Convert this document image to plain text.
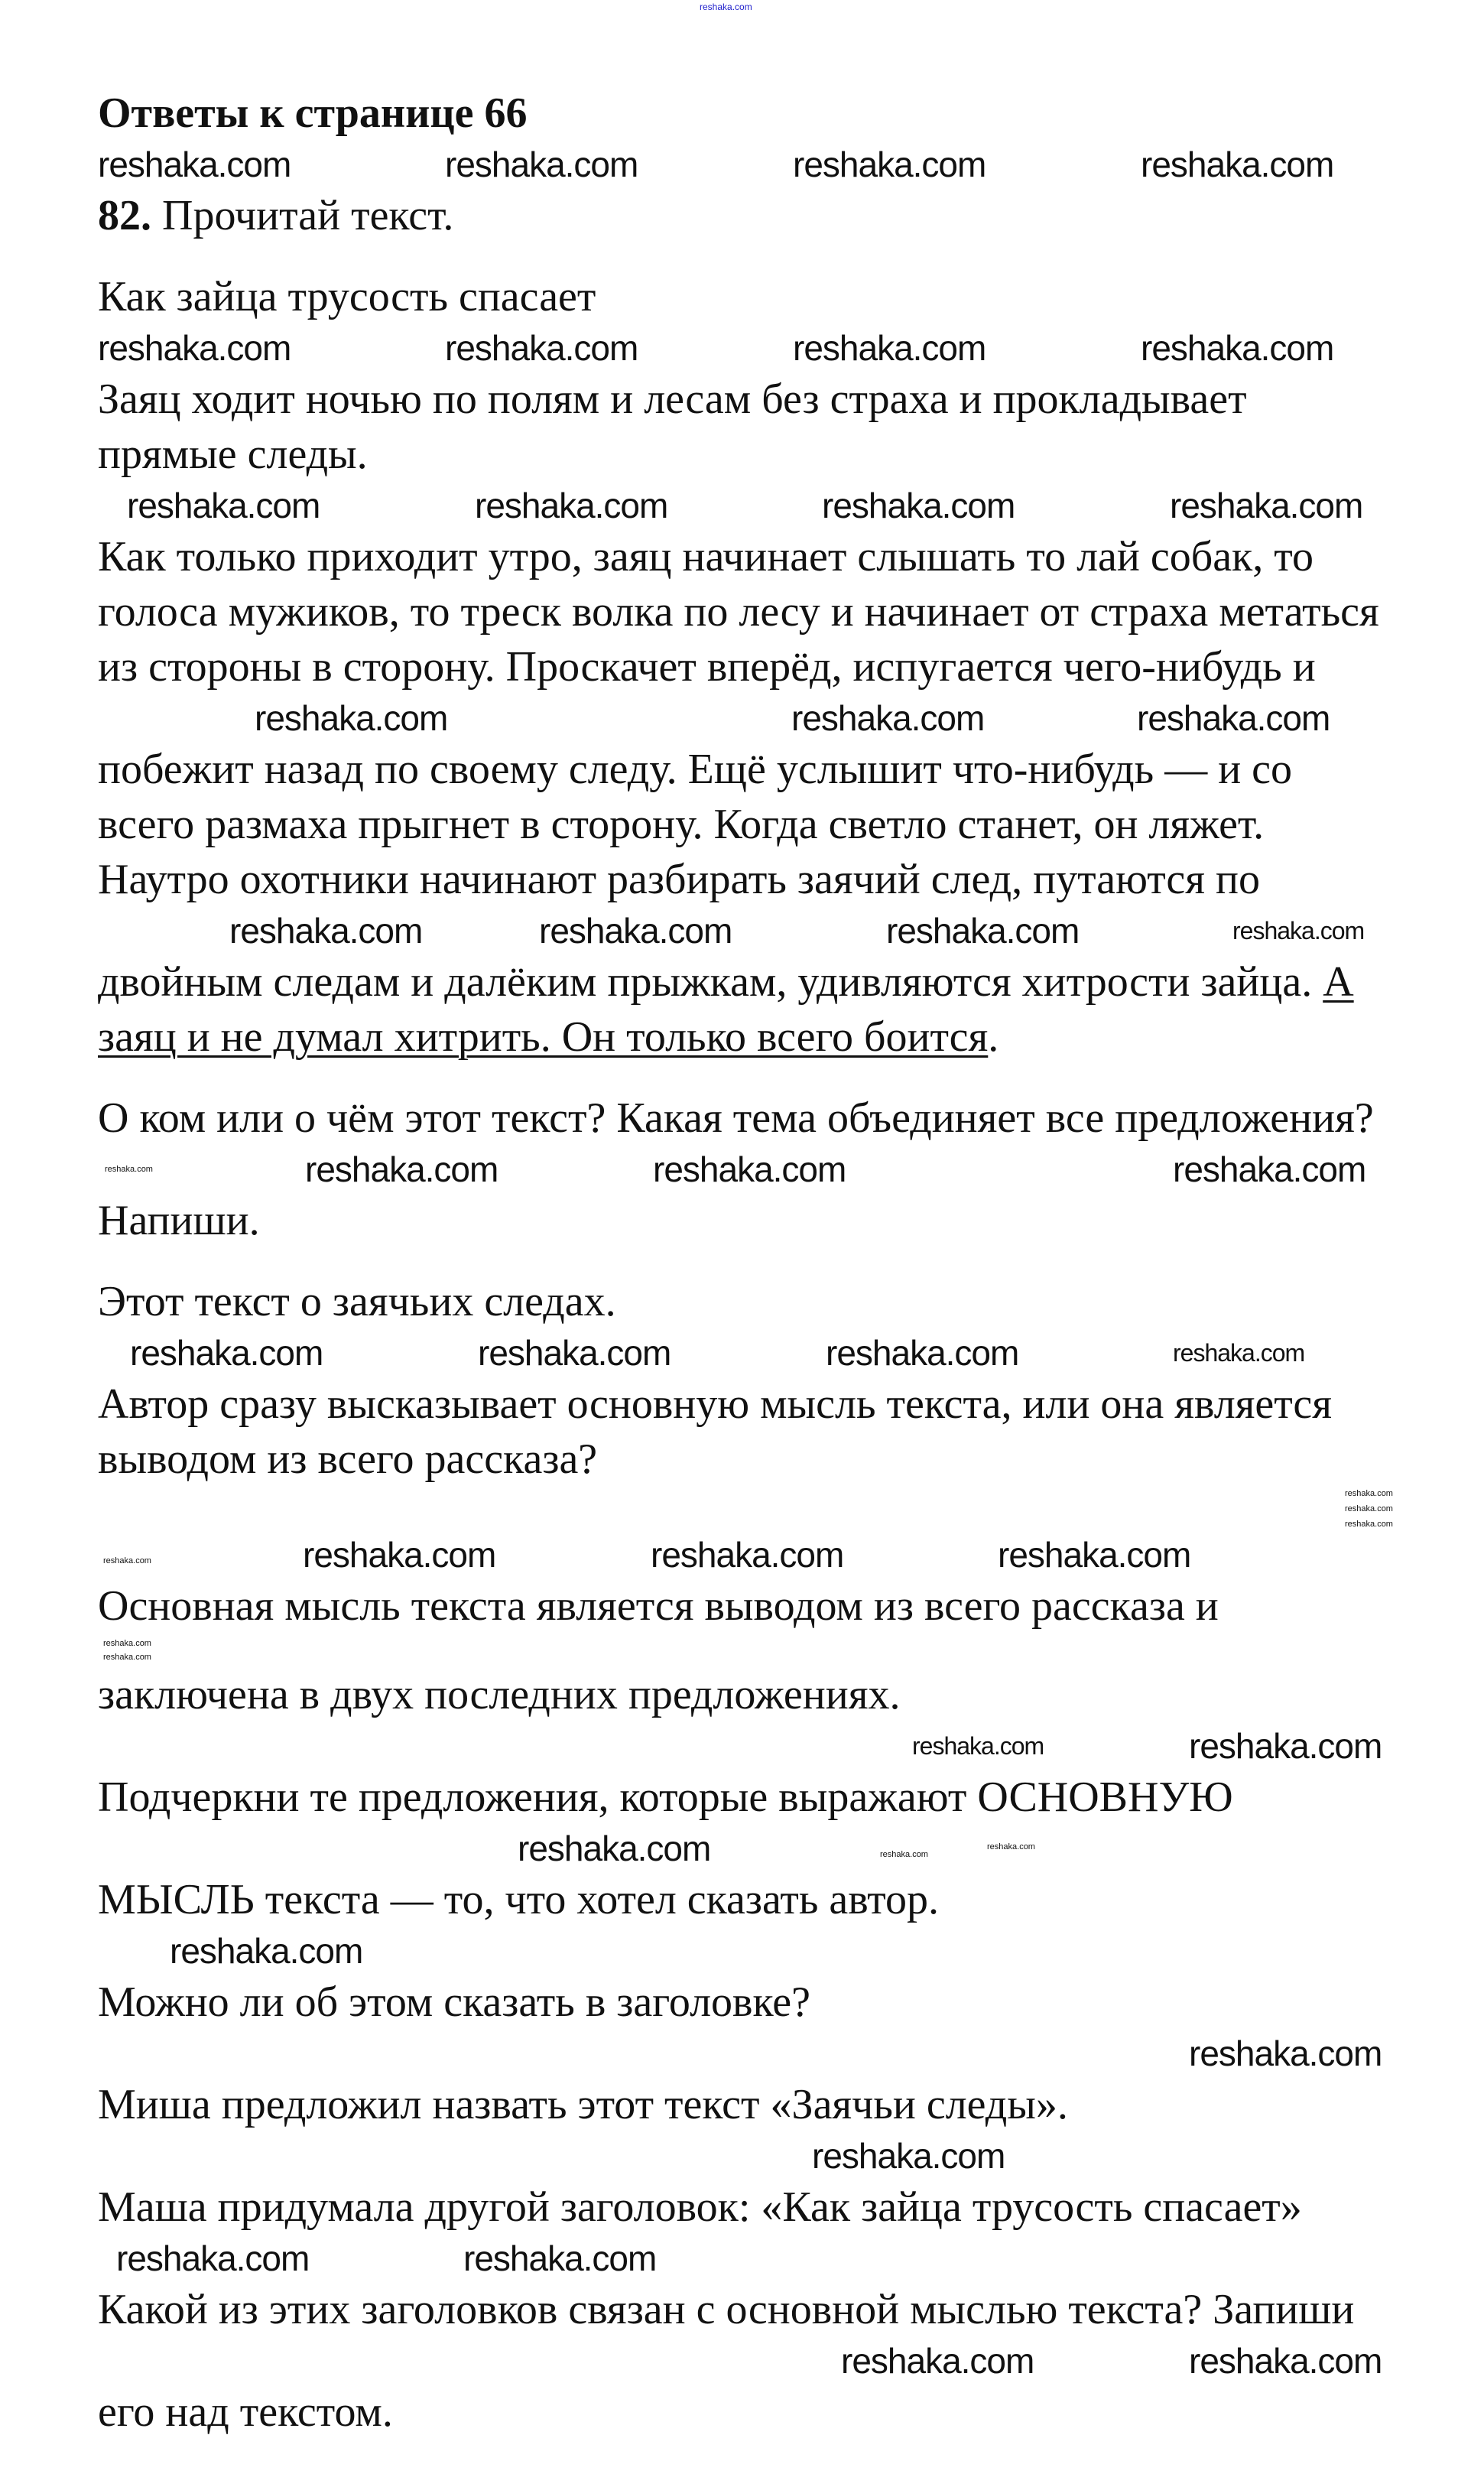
reshaka.com
Ответы к странице 66
reshaka.com	reshaka.com	reshaka.com	reshaka.com
82. Прочитай текст.
Как зайца трусость спасает
reshaka.com	reshaka.com	reshaka.com	reshaka.com
Заяц ходит ночью по полям и лесам без страха и прокладывает
прямые следы.
reshaka.com	reshaka.com	reshaka.com	reshaka.com
Как только приходит утро, заяц начинает слышать то лай собак, то
голоса мужиков, то треск волка по лесу и начинает от страха метаться
из стороны в сторону. Проскачет вперёд, испугается чего-нибудь и
reshaka.com	reshaka.com	reshaka.com
побежит назад по своему следу. Ещё услышит что-нибудь — и со
всего размаха прыгнет в сторону. Когда светло станет, он ляжет.
Наутро охотники начинают разбирать заячий след, путаются по
reshaka.com	reshaka.com	reshaka.com	reshaka.com
двойным следам и далёким прыжкам, удивляются хитрости зайца. А
заяц и не думал хитрить. Он только всего боится.
О ком или о чём этот текст? Какая тема объединяет все предложения?
reshaka.com	reshaka.com	reshaka.com	reshaka.com
Напиши.
Этот текст о заячьих следах.
reshaka.com	reshaka.com	reshaka.com	reshaka.com
Автор сразу высказывает основную мысль текста, или она является
выводом из всего рассказа?
reshaka.com
reshaka.com
reshaka.com
reshaka.com	reshaka.com	reshaka.com	reshaka.com
Основная мысль текста является выводом из всего рассказа и
reshaka.com
reshaka.com
заключена в двух последних предложениях.
reshaka.com	reshaka.com
Подчеркни те предложения, которые выражают ОСНОВНУЮ
reshaka.com	reshaka.com
reshaka.com
МЫСЛЬ текста — то, что хотел сказать автор.
reshaka.com
Можно ли об этом сказать в заголовке?
reshaka.com
Миша предложил назвать этот текст «Заячьи следы».
reshaka.com
Маша придумала другой заголовок: «Как зайца трусость спасает»
reshaka.com	reshaka.com
Какой из этих заголовков связан с основной мыслью текста? Запиши
reshaka.com	reshaka.com
его над текстом.
